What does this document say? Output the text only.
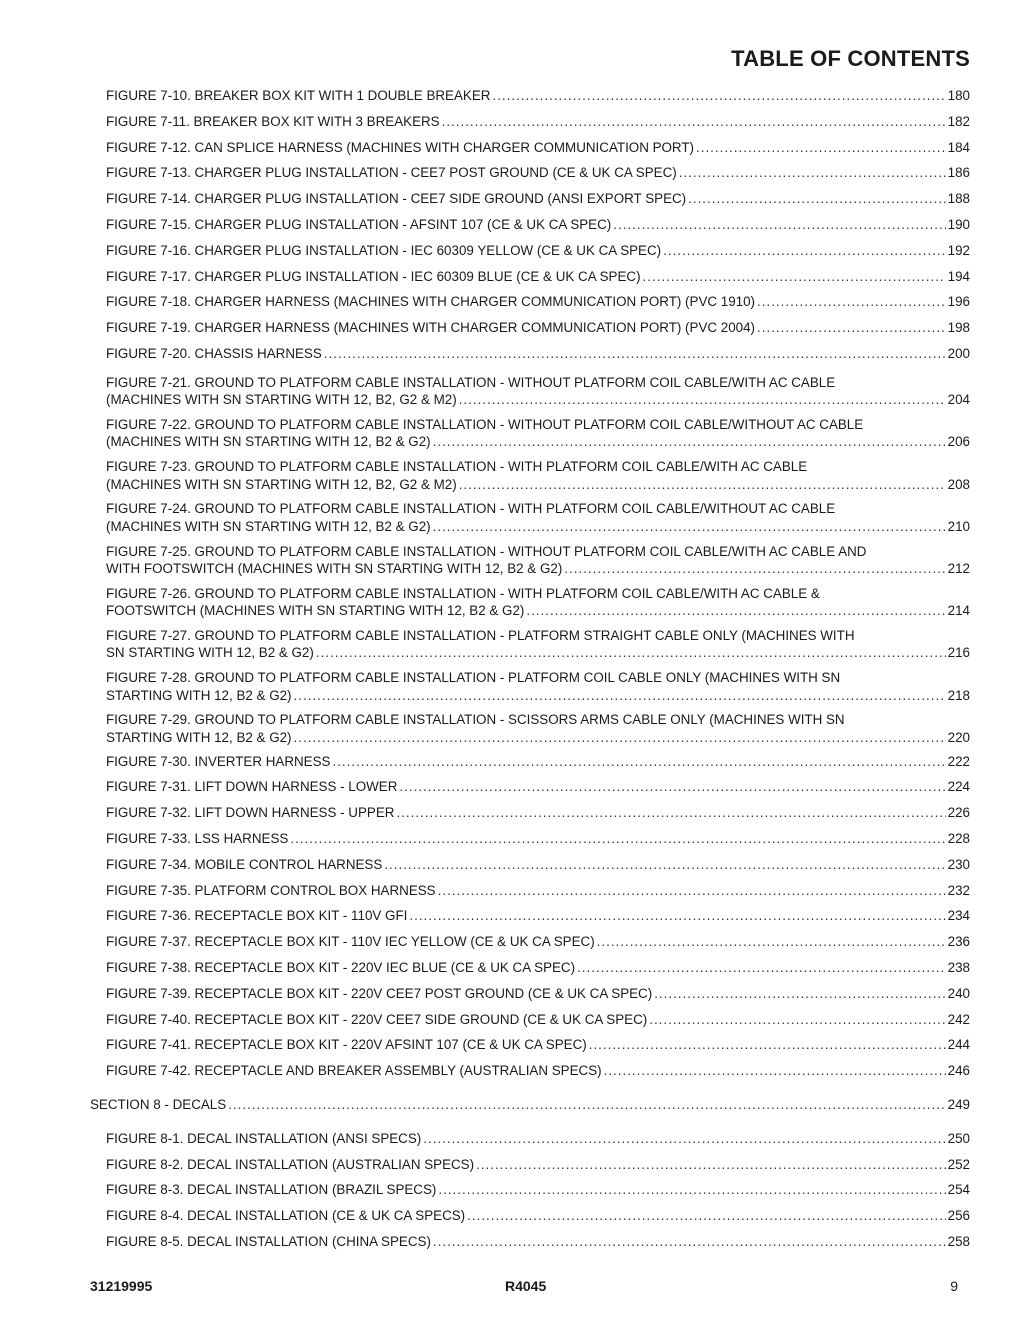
TABLE OF CONTENTS
FIGURE 7-10. BREAKER BOX KIT WITH 1 DOUBLE BREAKER .....	180
FIGURE 7-11. BREAKER BOX KIT WITH 3 BREAKERS .....	182
FIGURE 7-12. CAN SPLICE HARNESS (MACHINES WITH CHARGER COMMUNICATION PORT) .....	184
FIGURE 7-13. CHARGER PLUG INSTALLATION - CEE7 POST GROUND (CE & UK CA SPEC) .....	186
FIGURE 7-14. CHARGER PLUG INSTALLATION - CEE7 SIDE GROUND (ANSI EXPORT SPEC) .....	188
FIGURE 7-15. CHARGER PLUG INSTALLATION - AFSINT 107 (CE & UK CA SPEC) .....	190
FIGURE 7-16. CHARGER PLUG INSTALLATION - IEC 60309 YELLOW (CE & UK CA SPEC) .....	192
FIGURE 7-17. CHARGER PLUG INSTALLATION - IEC 60309 BLUE (CE & UK CA SPEC) .....	194
FIGURE 7-18. CHARGER HARNESS (MACHINES WITH CHARGER COMMUNICATION PORT) (PVC 1910) .....	196
FIGURE 7-19. CHARGER HARNESS (MACHINES WITH CHARGER COMMUNICATION PORT) (PVC 2004) .....	198
FIGURE 7-20. CHASSIS HARNESS .....	200
FIGURE 7-21. GROUND TO PLATFORM CABLE INSTALLATION - WITHOUT PLATFORM COIL CABLE/WITH AC CABLE
(MACHINES WITH SN STARTING WITH 12, B2, G2 & M2) .....	204
FIGURE 7-22. GROUND TO PLATFORM CABLE INSTALLATION - WITHOUT PLATFORM COIL CABLE/WITHOUT AC CABLE
(MACHINES WITH SN STARTING WITH 12, B2 & G2) .....	206
FIGURE 7-23. GROUND TO PLATFORM CABLE INSTALLATION - WITH PLATFORM COIL CABLE/WITH AC CABLE
(MACHINES WITH SN STARTING WITH 12, B2, G2 & M2) .....	208
FIGURE 7-24. GROUND TO PLATFORM CABLE INSTALLATION - WITH PLATFORM COIL CABLE/WITHOUT AC CABLE
(MACHINES WITH SN STARTING WITH 12, B2 & G2) .....	210
FIGURE 7-25. GROUND TO PLATFORM CABLE INSTALLATION - WITHOUT PLATFORM COIL CABLE/WITH AC CABLE AND
WITH FOOTSWITCH (MACHINES WITH SN STARTING WITH 12, B2 & G2) .....	212
FIGURE 7-26. GROUND TO PLATFORM CABLE INSTALLATION - WITH PLATFORM COIL CABLE/WITH AC CABLE &
FOOTSWITCH (MACHINES WITH SN STARTING WITH 12, B2 & G2) .....	214
FIGURE 7-27. GROUND TO PLATFORM CABLE INSTALLATION - PLATFORM STRAIGHT CABLE ONLY (MACHINES WITH
SN STARTING WITH 12, B2 & G2) .....	216
FIGURE 7-28. GROUND TO PLATFORM CABLE INSTALLATION - PLATFORM COIL CABLE ONLY (MACHINES WITH SN
STARTING WITH 12, B2 & G2) .....	218
FIGURE 7-29. GROUND TO PLATFORM CABLE INSTALLATION - SCISSORS ARMS CABLE ONLY (MACHINES WITH SN
STARTING WITH 12, B2 & G2) .....	220
FIGURE 7-30. INVERTER HARNESS .....	222
FIGURE 7-31. LIFT DOWN HARNESS - LOWER .....	224
FIGURE 7-32. LIFT DOWN HARNESS - UPPER .....	226
FIGURE 7-33. LSS HARNESS .....	228
FIGURE 7-34. MOBILE CONTROL HARNESS .....	230
FIGURE 7-35. PLATFORM CONTROL BOX HARNESS .....	232
FIGURE 7-36. RECEPTACLE BOX KIT - 110V GFI .....	234
FIGURE 7-37. RECEPTACLE BOX KIT - 110V IEC YELLOW (CE & UK CA SPEC) .....	236
FIGURE 7-38. RECEPTACLE BOX KIT - 220V IEC BLUE (CE & UK CA SPEC) .....	238
FIGURE 7-39. RECEPTACLE BOX KIT - 220V CEE7 POST GROUND (CE & UK CA SPEC) .....	240
FIGURE 7-40. RECEPTACLE BOX KIT - 220V CEE7 SIDE GROUND (CE & UK CA SPEC) .....	242
FIGURE 7-41. RECEPTACLE BOX KIT - 220V AFSINT 107 (CE & UK CA SPEC) .....	244
FIGURE 7-42. RECEPTACLE AND BREAKER ASSEMBLY (AUSTRALIAN SPECS) .....	246
SECTION 8 - DECALS .....	249
FIGURE 8-1. DECAL INSTALLATION (ANSI SPECS) .....	250
FIGURE 8-2. DECAL INSTALLATION (AUSTRALIAN SPECS) .....	252
FIGURE 8-3. DECAL INSTALLATION (BRAZIL SPECS) .....	254
FIGURE 8-4. DECAL INSTALLATION (CE & UK CA SPECS) .....	256
FIGURE 8-5. DECAL INSTALLATION (CHINA SPECS) .....	258
31219995	R4045	9
